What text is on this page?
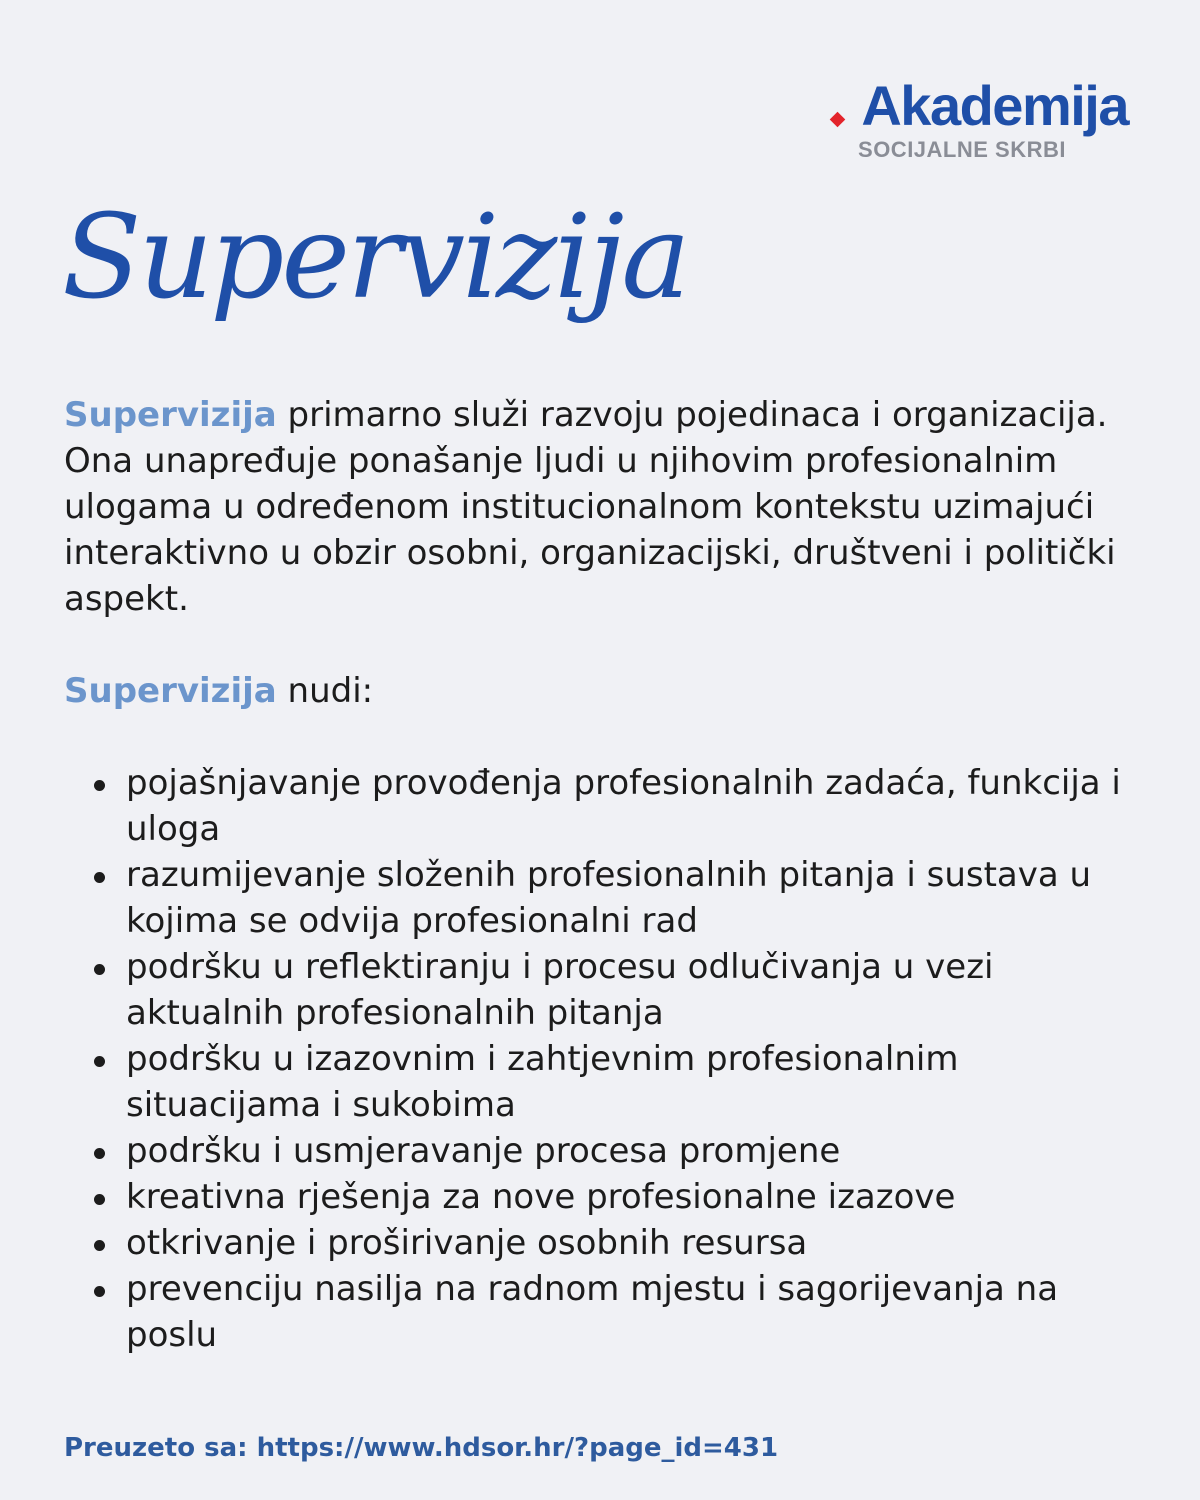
Akademija
SOCIJALNE SKRBI
Supervizija

Supervizija primarno služi razvoju pojedinaca i organizacija. Ona unapređuje ponašanje ljudi u njihovim profesionalnim ulogama u određenom institucionalnom kontekstu uzimajući interaktivno u obzir osobni, organizacijski, društveni i politički aspekt.

Supervizija nudi:

pojašnjavanje provođenja profesionalnih zadaća, funkcija i uloga
razumijevanje složenih profesionalnih pitanja i sustava u kojima se odvija profesionalni rad
podršku u reflektiranju i procesu odlučivanja u vezi aktualnih profesionalnih pitanja
podršku u izazovnim i zahtjevnim profesionalnim situacijama i sukobima
podršku i usmjeravanje procesa promjene
kreativna rješenja za nove profesionalne izazove
otkrivanje i proširivanje osobnih resursa
prevenciju nasilja na radnom mjestu i sagorijevanja na poslu

Preuzeto sa: https://www.hdsor.hr/?page_id=431
